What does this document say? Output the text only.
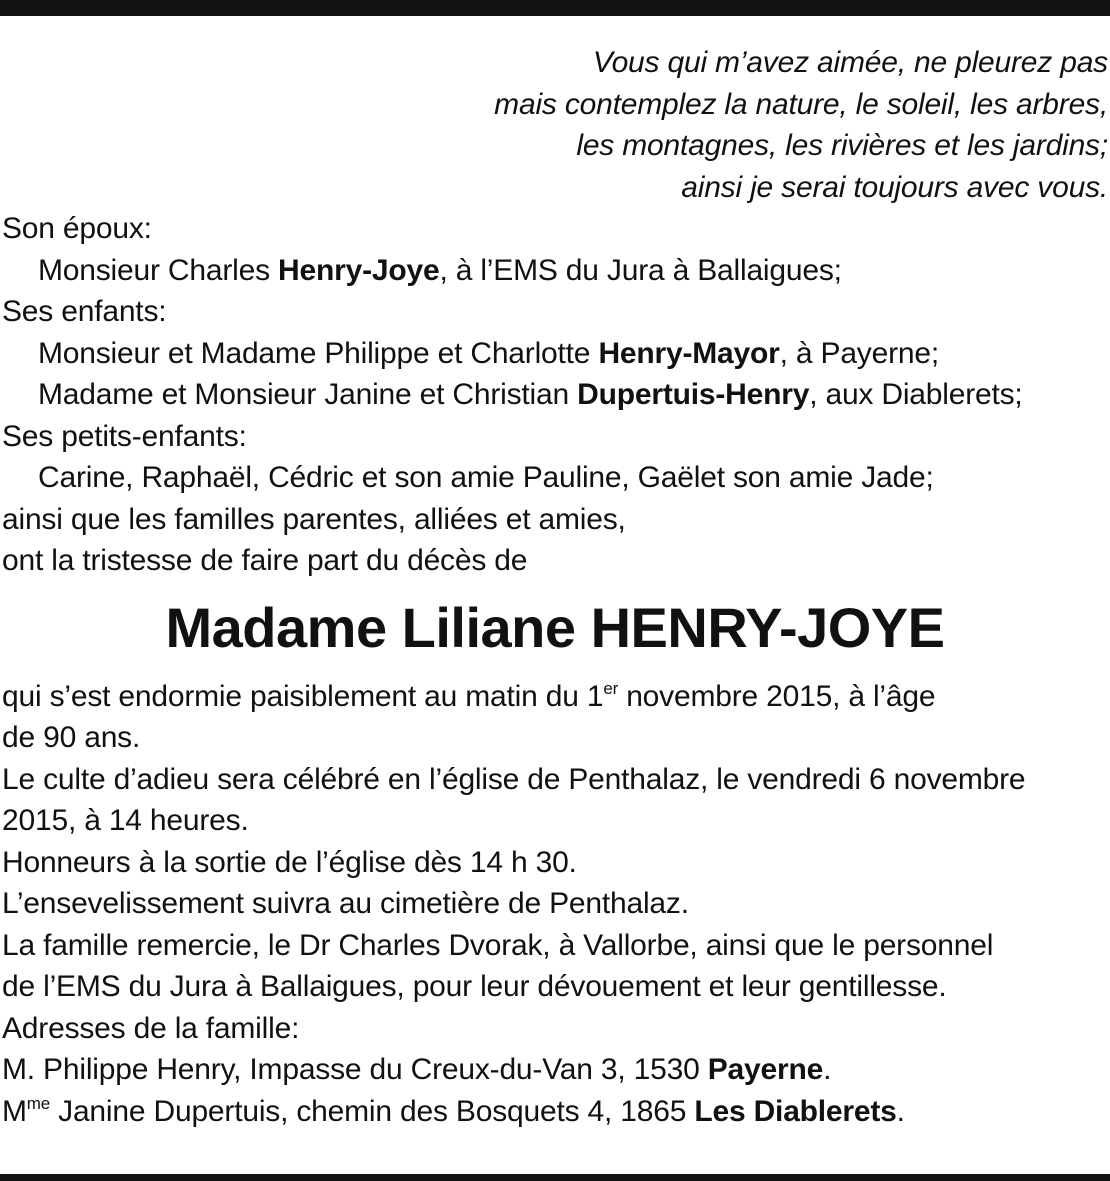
Vous qui m’avez aimée, ne pleurez pas
mais contemplez la nature, le soleil, les arbres,
les montagnes, les rivières et les jardins;
ainsi je serai toujours avec vous.
Son époux:
Monsieur Charles Henry-Joye, à l’EMS du Jura à Ballaigues;
Ses enfants:
Monsieur et Madame Philippe et Charlotte Henry-Mayor, à Payerne;
Madame et Monsieur Janine et Christian Dupertuis-Henry, aux Diablerets;
Ses petits-enfants:
Carine, Raphaël, Cédric et son amie Pauline, Gaëlet son amie Jade;
ainsi que les familles parentes, alliées et amies,
ont la tristesse de faire part du décès de
Madame Liliane HENRY-JOYE
qui s’est endormie paisiblement au matin du 1er novembre 2015, à l’âge
de 90 ans.
Le culte d’adieu sera célébré en l’église de Penthalaz, le vendredi 6 novembre
2015, à 14 heures.
Honneurs à la sortie de l’église dès 14 h 30.
L’ensevelissement suivra au cimetière de Penthalaz.
La famille remercie, le Dr Charles Dvorak, à Vallorbe, ainsi que le personnel
de l’EMS du Jura à Ballaigues, pour leur dévouement et leur gentillesse.
Adresses de la famille:
M. Philippe Henry, Impasse du Creux-du-Van 3, 1530 Payerne.
$M^{me}$ Janine Dupertuis, chemin des Bosquets 4, 1865 Les Diablerets.
